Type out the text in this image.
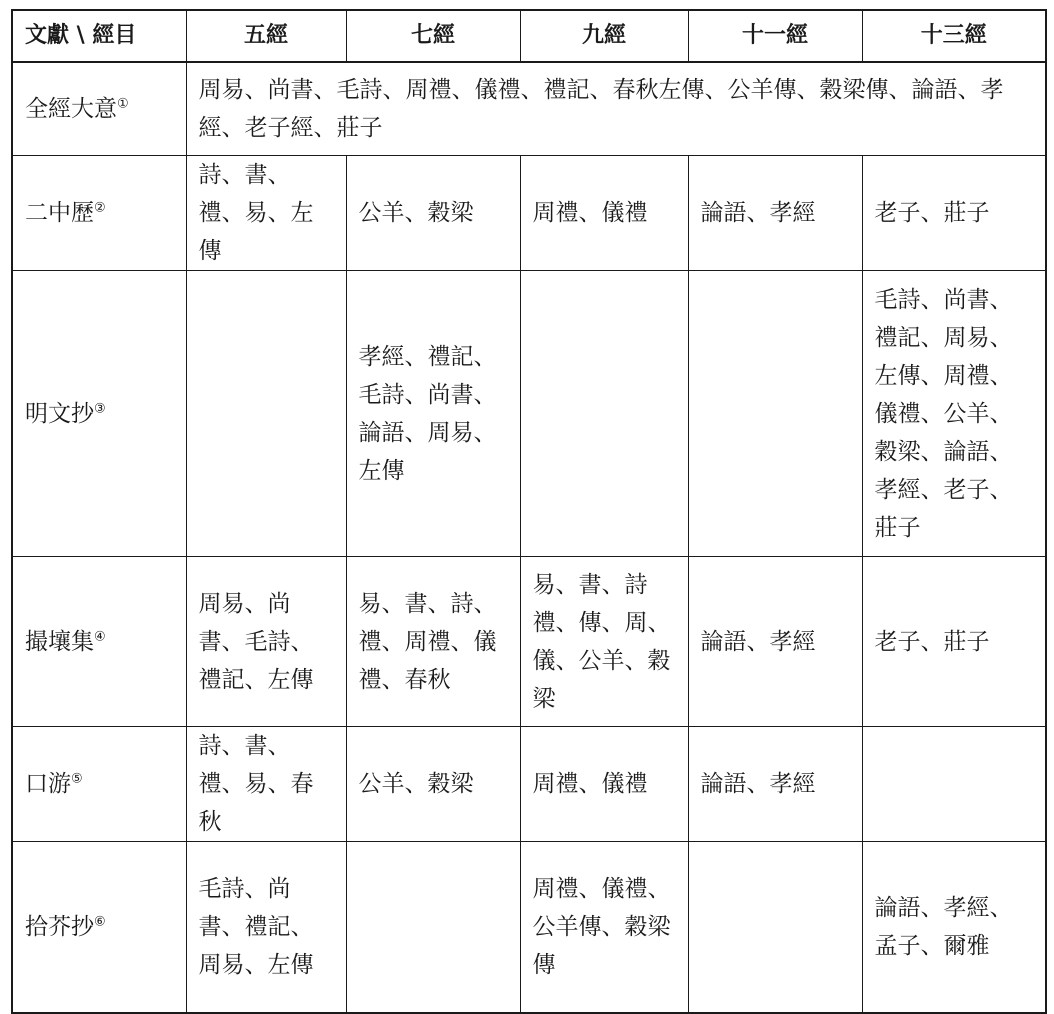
文獻 \ 經目	五經	七經	九經	十一經	十三經
全經大意①	周易、尚書、毛詩、周禮、儀禮、禮記、春秋左傳、公羊傳、穀梁傳、論語、孝經、老子經、莊子				
二中歷②	詩、書、禮、易、左傳	公羊、穀梁	周禮、儀禮	論語、孝經	老子、莊子
明文抄③		孝經、禮記、毛詩、尚書、論語、周易、左傳			毛詩、尚書、禮記、周易、左傳、周禮、儀禮、公羊、穀梁、論語、孝經、老子、莊子
撮壤集④	周易、尚書、毛詩、禮記、左傳	易、書、詩、禮、周禮、儀禮、春秋	易、書、詩禮、傳、周、儀、公羊、穀梁	論語、孝經	老子、莊子
口游⑤	詩、書、禮、易、春秋	公羊、穀梁	周禮、儀禮	論語、孝經	
拾芥抄⑥	毛詩、尚書、禮記、周易、左傳		周禮、儀禮、公羊傳、穀梁傳		論語、孝經、孟子、爾雅
